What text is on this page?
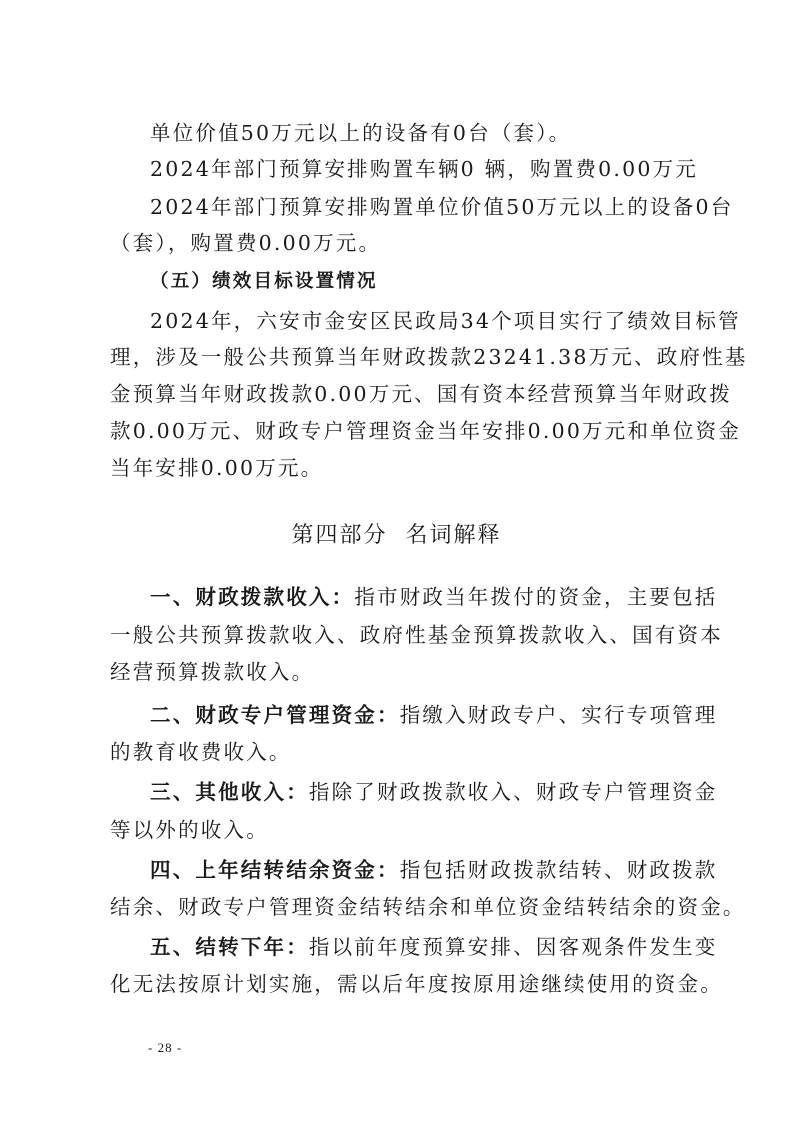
单位价值50万元以上的设备有0台（套）。
2024年部门预算安排购置车辆0 辆，购置费0.00万元
2024年部门预算安排购置单位价值50万元以上的设备0台
（套），购置费0.00万元。
（五）绩效目标设置情况
2024年，六安市金安区民政局34个项目实行了绩效目标管
理，涉及一般公共预算当年财政拨款23241.38万元、政府性基
金预算当年财政拨款0.00万元、国有资本经营预算当年财政拨
款0.00万元、财政专户管理资金当年安排0.00万元和单位资金
当年安排0.00万元。
第四部分  名词解释
一、财政拨款收入：指市财政当年拨付的资金，主要包括
一般公共预算拨款收入、政府性基金预算拨款收入、国有资本
经营预算拨款收入。
二、财政专户管理资金：指缴入财政专户、实行专项管理
的教育收费收入。
三、其他收入：指除了财政拨款收入、财政专户管理资金
等以外的收入。
四、上年结转结余资金：指包括财政拨款结转、财政拨款
结余、财政专户管理资金结转结余和单位资金结转结余的资金。
五、结转下年：指以前年度预算安排、因客观条件发生变
化无法按原计划实施，需以后年度按原用途继续使用的资金。
- 28 -
